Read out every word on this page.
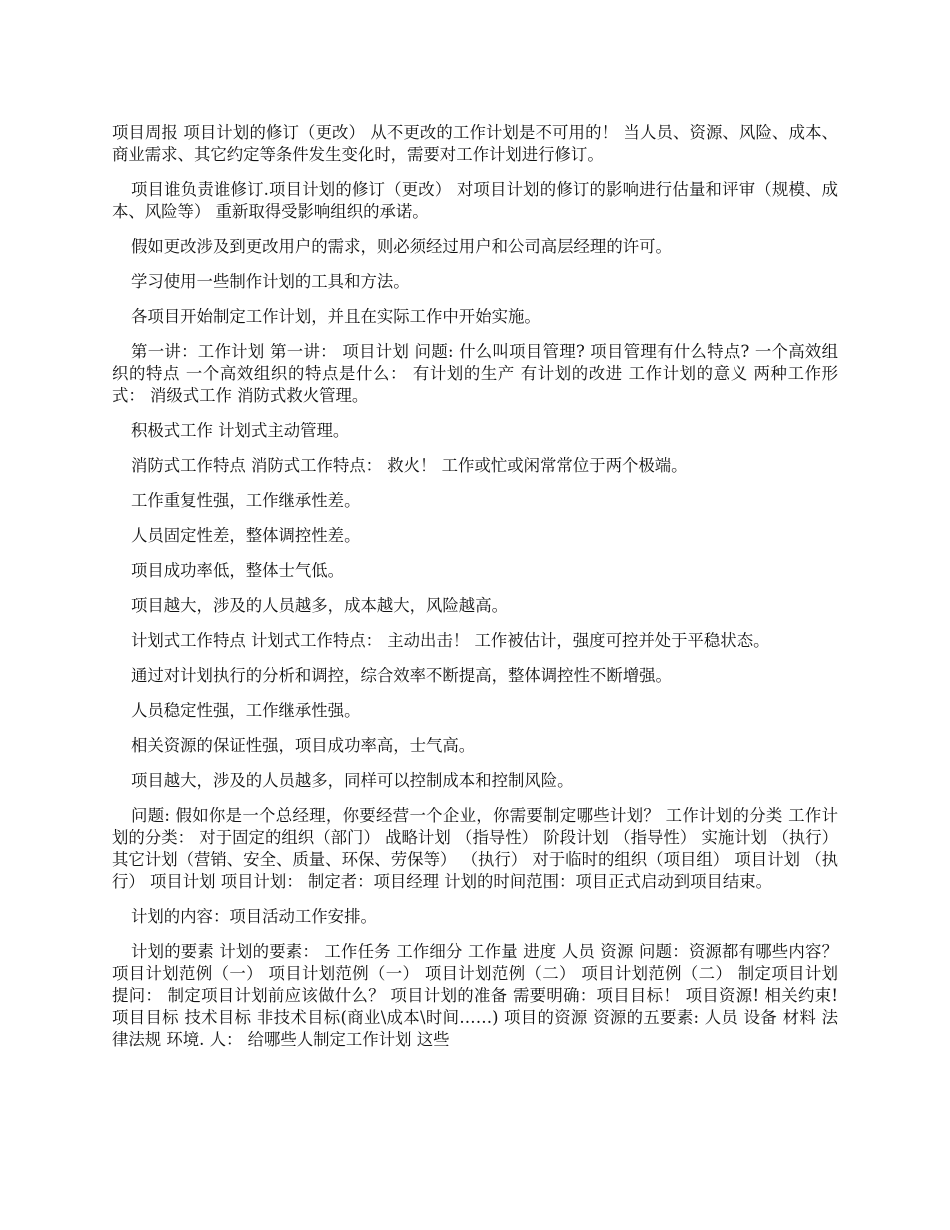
项目周报 项目计划的修订（更改） 从不更改的工作计划是不可用的！ 当人员、资源、风险、成本、商业需求、其它约定等条件发生变化时，需要对工作计划进行修订。

项目谁负责谁修订.项目计划的修订（更改） 对项目计划的修订的影响进行估量和评审（规模、成本、风险等） 重新取得受影响组织的承诺。

假如更改涉及到更改用户的需求，则必须经过用户和公司高层经理的许可。

学习使用一些制作计划的工具和方法。

各项目开始制定工作计划，并且在实际工作中开始实施。

第一讲：工作计划 第一讲： 项目计划 问题: 什么叫项目管理? 项目管理有什么特点? 一个高效组织的特点 一个高效组织的特点是什么： 有计划的生产 有计划的改进 工作计划的意义 两种工作形式： 消级式工作 消防式救火管理。

积极式工作 计划式主动管理。

消防式工作特点 消防式工作特点： 救火！ 工作或忙或闲常常位于两个极端。

工作重复性强，工作继承性差。

人员固定性差，整体调控性差。

项目成功率低，整体士气低。

项目越大，涉及的人员越多，成本越大，风险越高。

计划式工作特点 计划式工作特点： 主动出击！ 工作被估计，强度可控并处于平稳状态。

通过对计划执行的分析和调控，综合效率不断提高，整体调控性不断增强。

人员稳定性强，工作继承性强。

相关资源的保证性强，项目成功率高，士气高。

项目越大，涉及的人员越多，同样可以控制成本和控制风险。

问题: 假如你是一个总经理，你要经营一个企业，你需要制定哪些计划？ 工作计划的分类 工作计划的分类： 对于固定的组织（部门） 战略计划 （指导性） 阶段计划 （指导性） 实施计划 （执行） 其它计划（营销、安全、质量、环保、劳保等） （执行） 对于临时的组织（项目组） 项目计划 （执行） 项目计划 项目计划： 制定者：项目经理 计划的时间范围：项目正式启动到项目结束。

计划的内容：项目活动工作安排。

计划的要素 计划的要素： 工作任务 工作细分 工作量 进度 人员 资源 问题：资源都有哪些内容？ 项目计划范例（一） 项目计划范例（一） 项目计划范例（二） 项目计划范例（二） 制定项目计划 提问： 制定项目计划前应该做什么？ 项目计划的准备 需要明确：项目目标！ 项目资源! 相关约束! 项目目标 技术目标 非技术目标(商业\成本\时间……) 项目的资源 资源的五要素: 人员 设备 材料 法律法规 环境. 人： 给哪些人制定工作计划 这些
